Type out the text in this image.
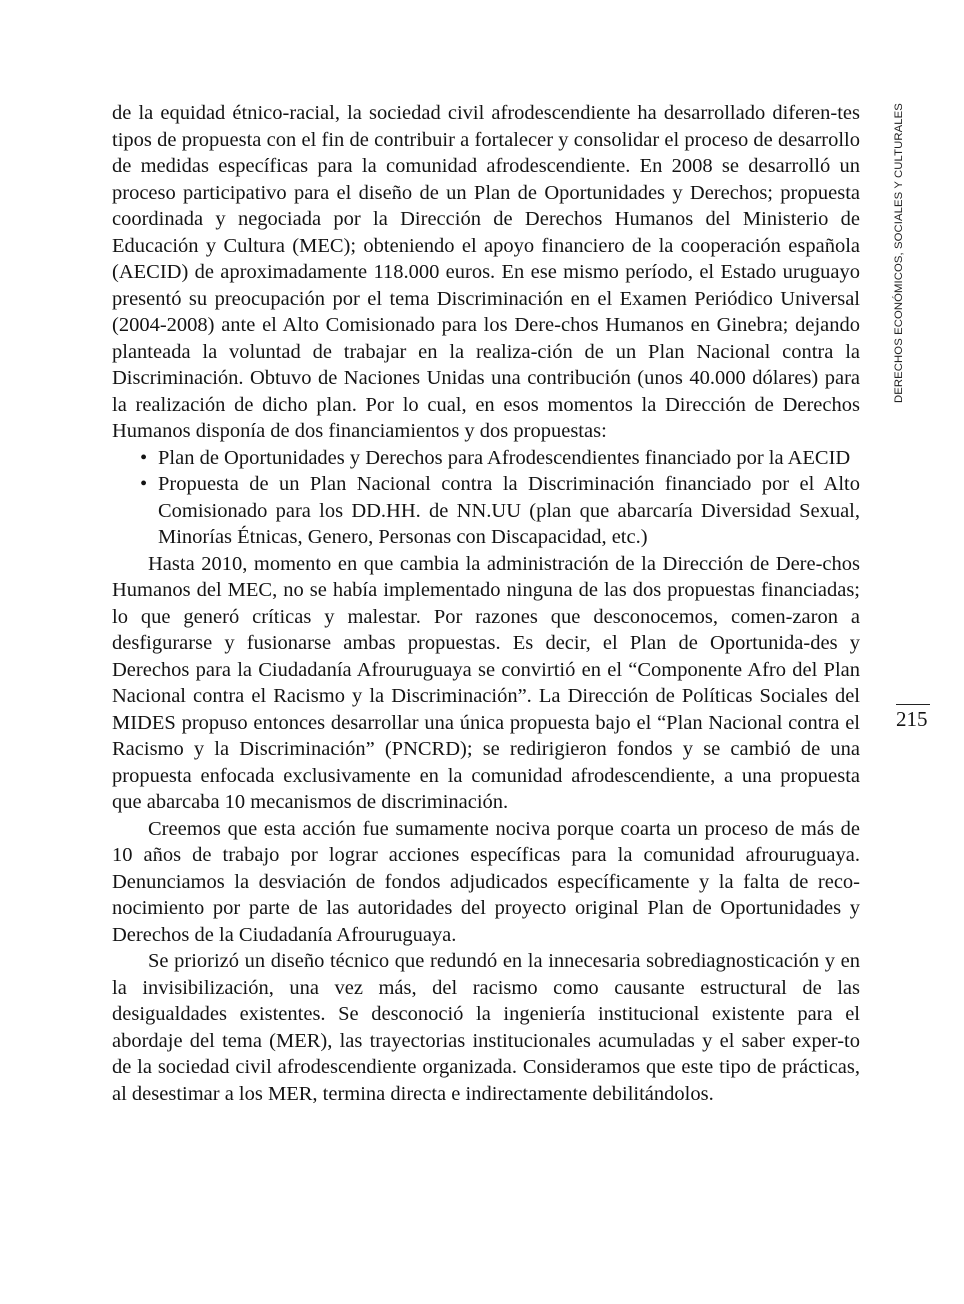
de la equidad étnico-racial, la sociedad civil afrodescendiente ha desarrollado diferen-tes tipos de propuesta con el fin de contribuir a fortalecer y consolidar el proceso de desarrollo de medidas específicas para la comunidad afrodescendiente. En 2008 se desarrolló un proceso participativo para el diseño de un Plan de Oportunidades y Derechos; propuesta coordinada y negociada por la Dirección de Derechos Humanos del Ministerio de Educación y Cultura (MEC); obteniendo el apoyo financiero de la cooperación española (AECID) de aproximadamente 118.000 euros. En ese mismo período, el Estado uruguayo presentó su preocupación por el tema Discriminación en el Examen Periódico Universal (2004-2008) ante el Alto Comisionado para los Dere-chos Humanos en Ginebra; dejando planteada la voluntad de trabajar en la realiza-ción de un Plan Nacional contra la Discriminación. Obtuvo de Naciones Unidas una contribución (unos 40.000 dólares) para la realización de dicho plan. Por lo cual, en esos momentos la Dirección de Derechos Humanos disponía de dos financiamientos y dos propuestas:

• Plan de Oportunidades y Derechos para Afrodescendientes financiado por la AECID
• Propuesta de un Plan Nacional contra la Discriminación financiado por el Alto Comisionado para los DD.HH. de NN.UU (plan que abarcaría Diversidad Sexual, Minorías Étnicas, Genero, Personas con Discapacidad, etc.)

Hasta 2010, momento en que cambia la administración de la Dirección de Dere-chos Humanos del MEC, no se había implementado ninguna de las dos propuestas financiadas; lo que generó críticas y malestar. Por razones que desconocemos, comen-zaron a desfigurarse y fusionarse ambas propuestas. Es decir, el Plan de Oportunida-des y Derechos para la Ciudadanía Afrouruguaya se convirtió en el “Componente Afro del Plan Nacional contra el Racismo y la Discriminación”. La Dirección de Políticas Sociales del MIDES propuso entonces desarrollar una única propuesta bajo el “Plan Nacional contra el Racismo y la Discriminación” (PNCRD); se redirigieron fondos y se cambió de una propuesta enfocada exclusivamente en la comunidad afrodescendiente, a una propuesta que abarcaba 10 mecanismos de discriminación.

Creemos que esta acción fue sumamente nociva porque coarta un proceso de más de 10 años de trabajo por lograr acciones específicas para la comunidad afrouruguaya. Denunciamos la desviación de fondos adjudicados específicamente y la falta de reco-nocimiento por parte de las autoridades del proyecto original Plan de Oportunidades y Derechos de la Ciudadanía Afrouruguaya.

Se priorizó un diseño técnico que redundó en la innecesaria sobrediagnosticación y en la invisibilización, una vez más, del racismo como causante estructural de las desigualdades existentes. Se desconoció la ingeniería institucional existente para el abordaje del tema (MER), las trayectorias institucionales acumuladas y el saber exper-to de la sociedad civil afrodescendiente organizada. Consideramos que este tipo de prácticas, al desestimar a los MER, termina directa e indirectamente debilitándolos.

DERECHOS ECONÓMICOS, SOCIALES Y CULTURALES
215
